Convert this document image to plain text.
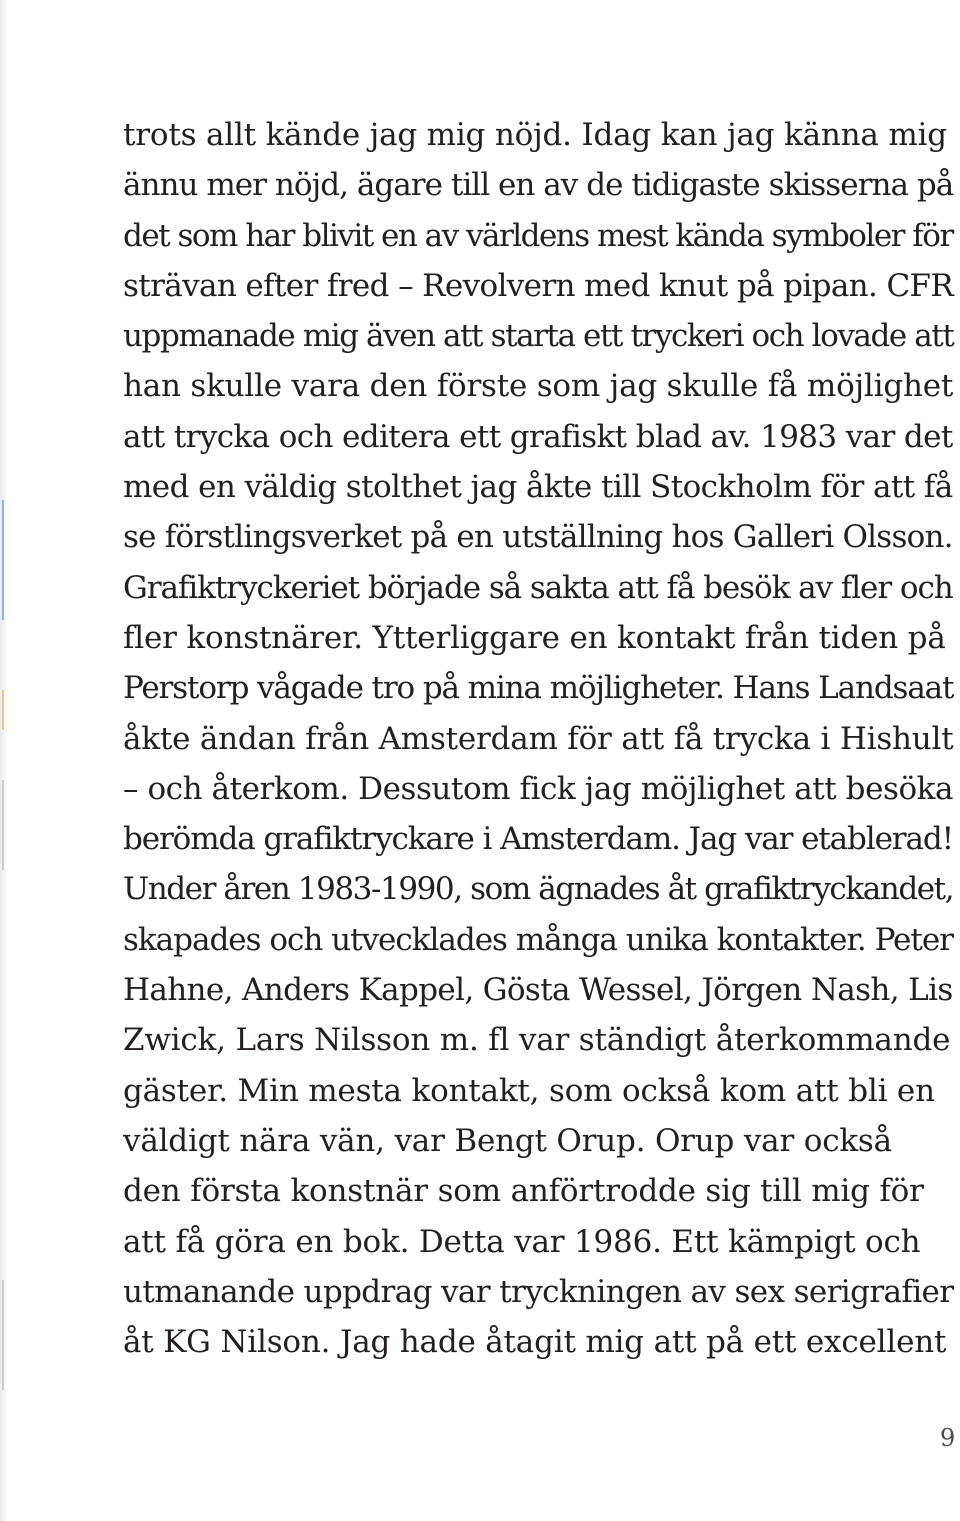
trots allt kände jag mig nöjd. Idag kan jag känna mig
ännu mer nöjd, ägare till en av de tidigaste skisserna på
det som har blivit en av världens mest kända symboler för
strävan efter fred – Revolvern med knut på pipan. CFR
uppmanade mig även att starta ett tryckeri och lovade att
han skulle vara den förste som jag skulle få möjlighet
att trycka och editera ett grafiskt blad av. 1983 var det
med en väldig stolthet jag åkte till Stockholm för att få
se förstlingsverket på en utställning hos Galleri Olsson.
Grafiktryckeriet började så sakta att få besök av fler och
fler konstnärer. Ytterliggare en kontakt från tiden på
Perstorp vågade tro på mina möjligheter. Hans Landsaat
åkte ändan från Amsterdam för att få trycka i Hishult
– och återkom. Dessutom fick jag möjlighet att besöka
berömda grafiktryckare i Amsterdam. Jag var etablerad!
Under åren 1983-1990, som ägnades åt grafiktryckandet,
skapades och utvecklades många unika kontakter. Peter
Hahne, Anders Kappel, Gösta Wessel, Jörgen Nash, Lis
Zwick, Lars Nilsson m. fl var ständigt återkommande
gäster. Min mesta kontakt, som också kom att bli en
väldigt nära vän, var Bengt Orup. Orup var också
den första konstnär som anförtrodde sig till mig för
att få göra en bok. Detta var 1986. Ett kämpigt och
utmanande uppdrag var tryckningen av sex serigrafier
åt KG Nilson. Jag hade åtagit mig att på ett excellent
9
